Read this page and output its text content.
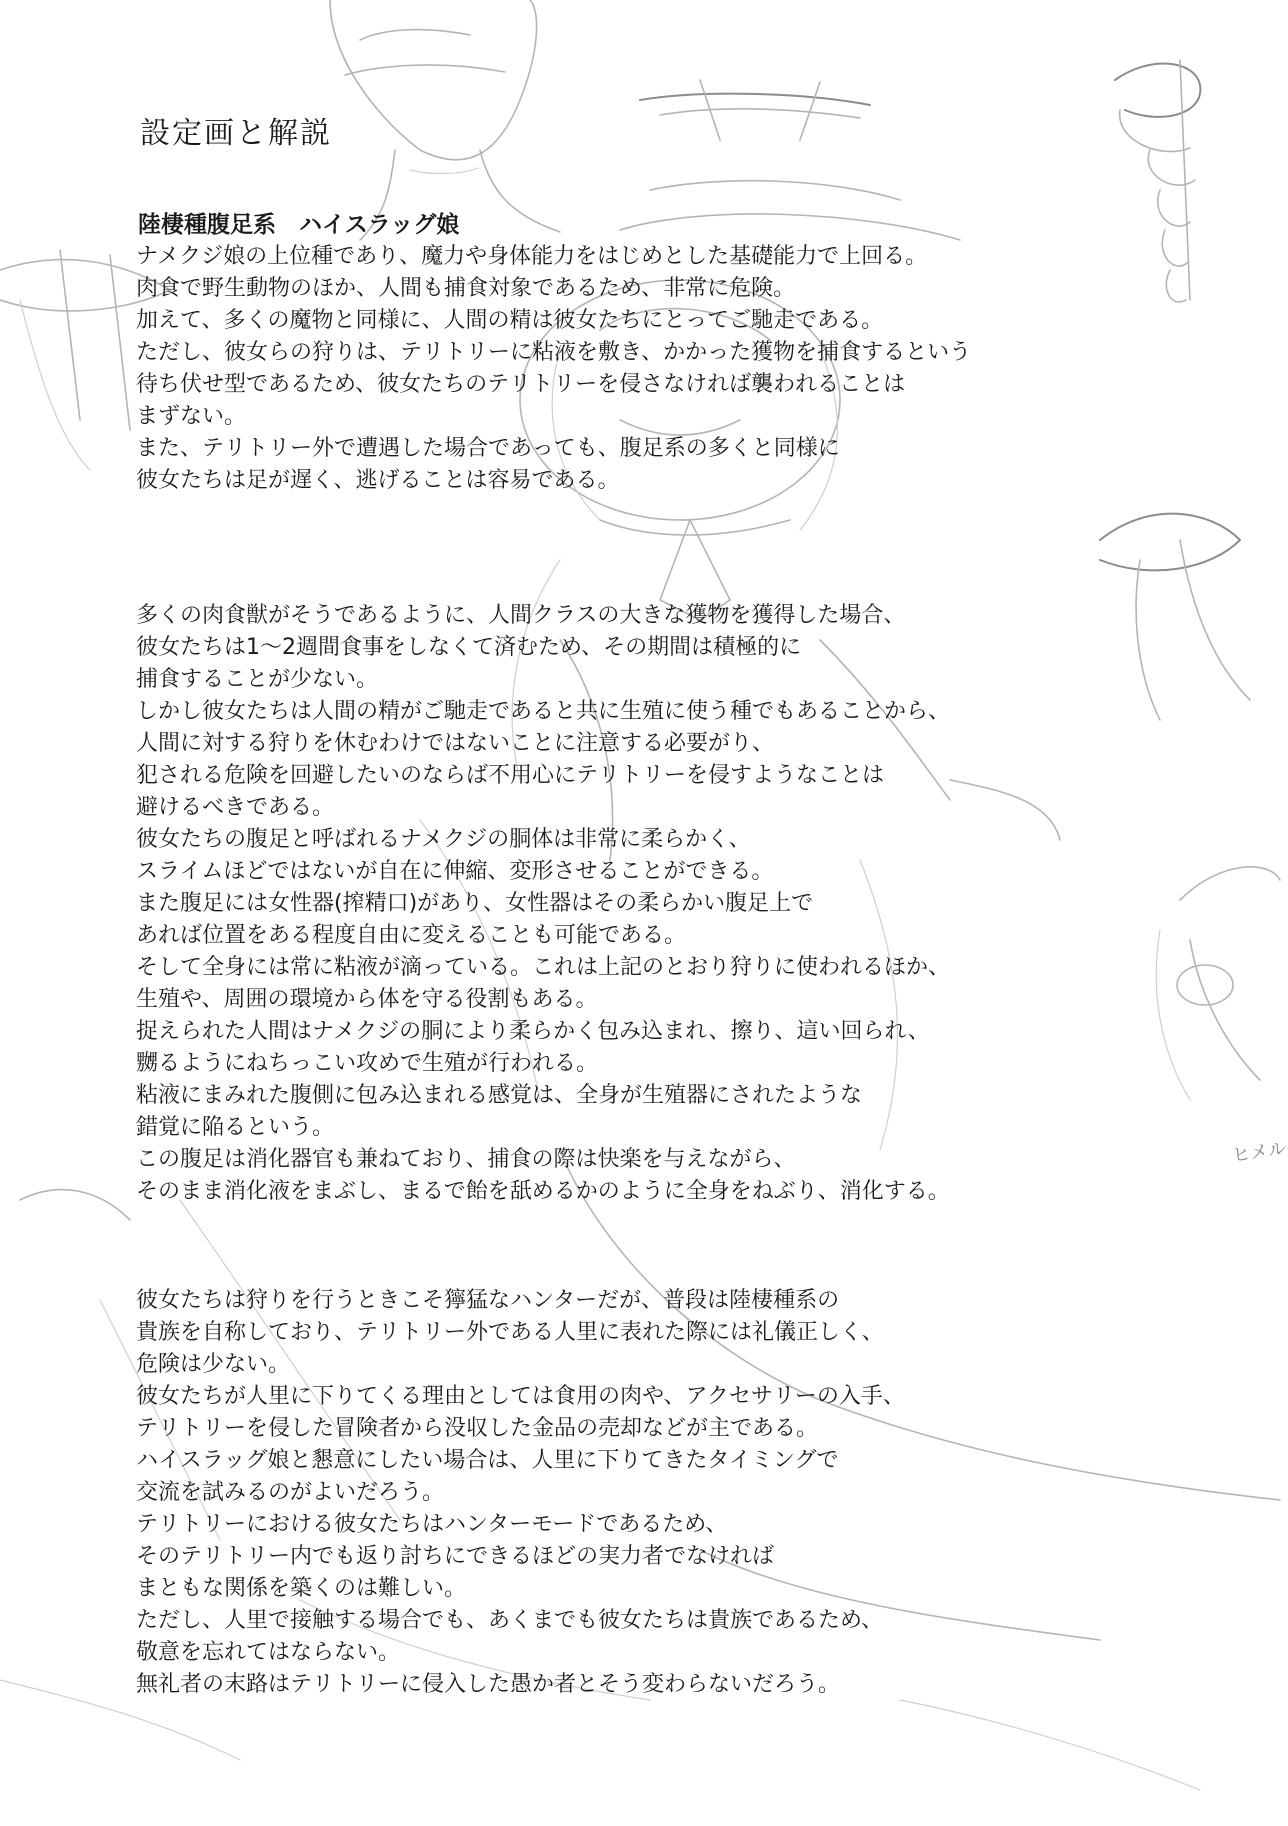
設定画と解説
陸棲種腹足系　ハイスラッグ娘
ナメクジ娘の上位種であり、魔力や身体能力をはじめとした基礎能力で上回る。
肉食で野生動物のほか、人間も捕食対象であるため、非常に危険。
加えて、多くの魔物と同様に、人間の精は彼女たちにとってご馳走である。
ただし、彼女らの狩りは、テリトリーに粘液を敷き、かかった獲物を捕食するという
待ち伏せ型であるため、彼女たちのテリトリーを侵さなければ襲われることは
まずない。
また、テリトリー外で遭遇した場合であっても、腹足系の多くと同様に
彼女たちは足が遅く、逃げることは容易である。
多くの肉食獣がそうであるように、人間クラスの大きな獲物を獲得した場合、
彼女たちは1～2週間食事をしなくて済むため、その期間は積極的に
捕食することが少ない。
しかし彼女たちは人間の精がご馳走であると共に生殖に使う種でもあることから、
人間に対する狩りを休むわけではないことに注意する必要がり、
犯される危険を回避したいのならば不用心にテリトリーを侵すようなことは
避けるべきである。
彼女たちの腹足と呼ばれるナメクジの胴体は非常に柔らかく、
スライムほどではないが自在に伸縮、変形させることができる。
また腹足には女性器(搾精口)があり、女性器はその柔らかい腹足上で
あれば位置をある程度自由に変えることも可能である。
そして全身には常に粘液が滴っている。これは上記のとおり狩りに使われるほか、
生殖や、周囲の環境から体を守る役割もある。
捉えられた人間はナメクジの胴により柔らかく包み込まれ、擦り、這い回られ、
嬲るようにねちっこい攻めで生殖が行われる。
粘液にまみれた腹側に包み込まれる感覚は、全身が生殖器にされたような
錯覚に陥るという。
この腹足は消化器官も兼ねており、捕食の際は快楽を与えながら、
そのまま消化液をまぶし、まるで飴を舐めるかのように全身をねぶり、消化する。
彼女たちは狩りを行うときこそ獰猛なハンターだが、普段は陸棲種系の
貴族を自称しており、テリトリー外である人里に表れた際には礼儀正しく、
危険は少ない。
彼女たちが人里に下りてくる理由としては食用の肉や、アクセサリーの入手、
テリトリーを侵した冒険者から没収した金品の売却などが主である。
ハイスラッグ娘と懇意にしたい場合は、人里に下りてきたタイミングで
交流を試みるのがよいだろう。
テリトリーにおける彼女たちはハンターモードであるため、
そのテリトリー内でも返り討ちにできるほどの実力者でなければ
まともな関係を築くのは難しい。
ただし、人里で接触する場合でも、あくまでも彼女たちは貴族であるため、
敬意を忘れてはならない。
無礼者の末路はテリトリーに侵入した愚か者とそう変わらないだろう。
ヒメル
